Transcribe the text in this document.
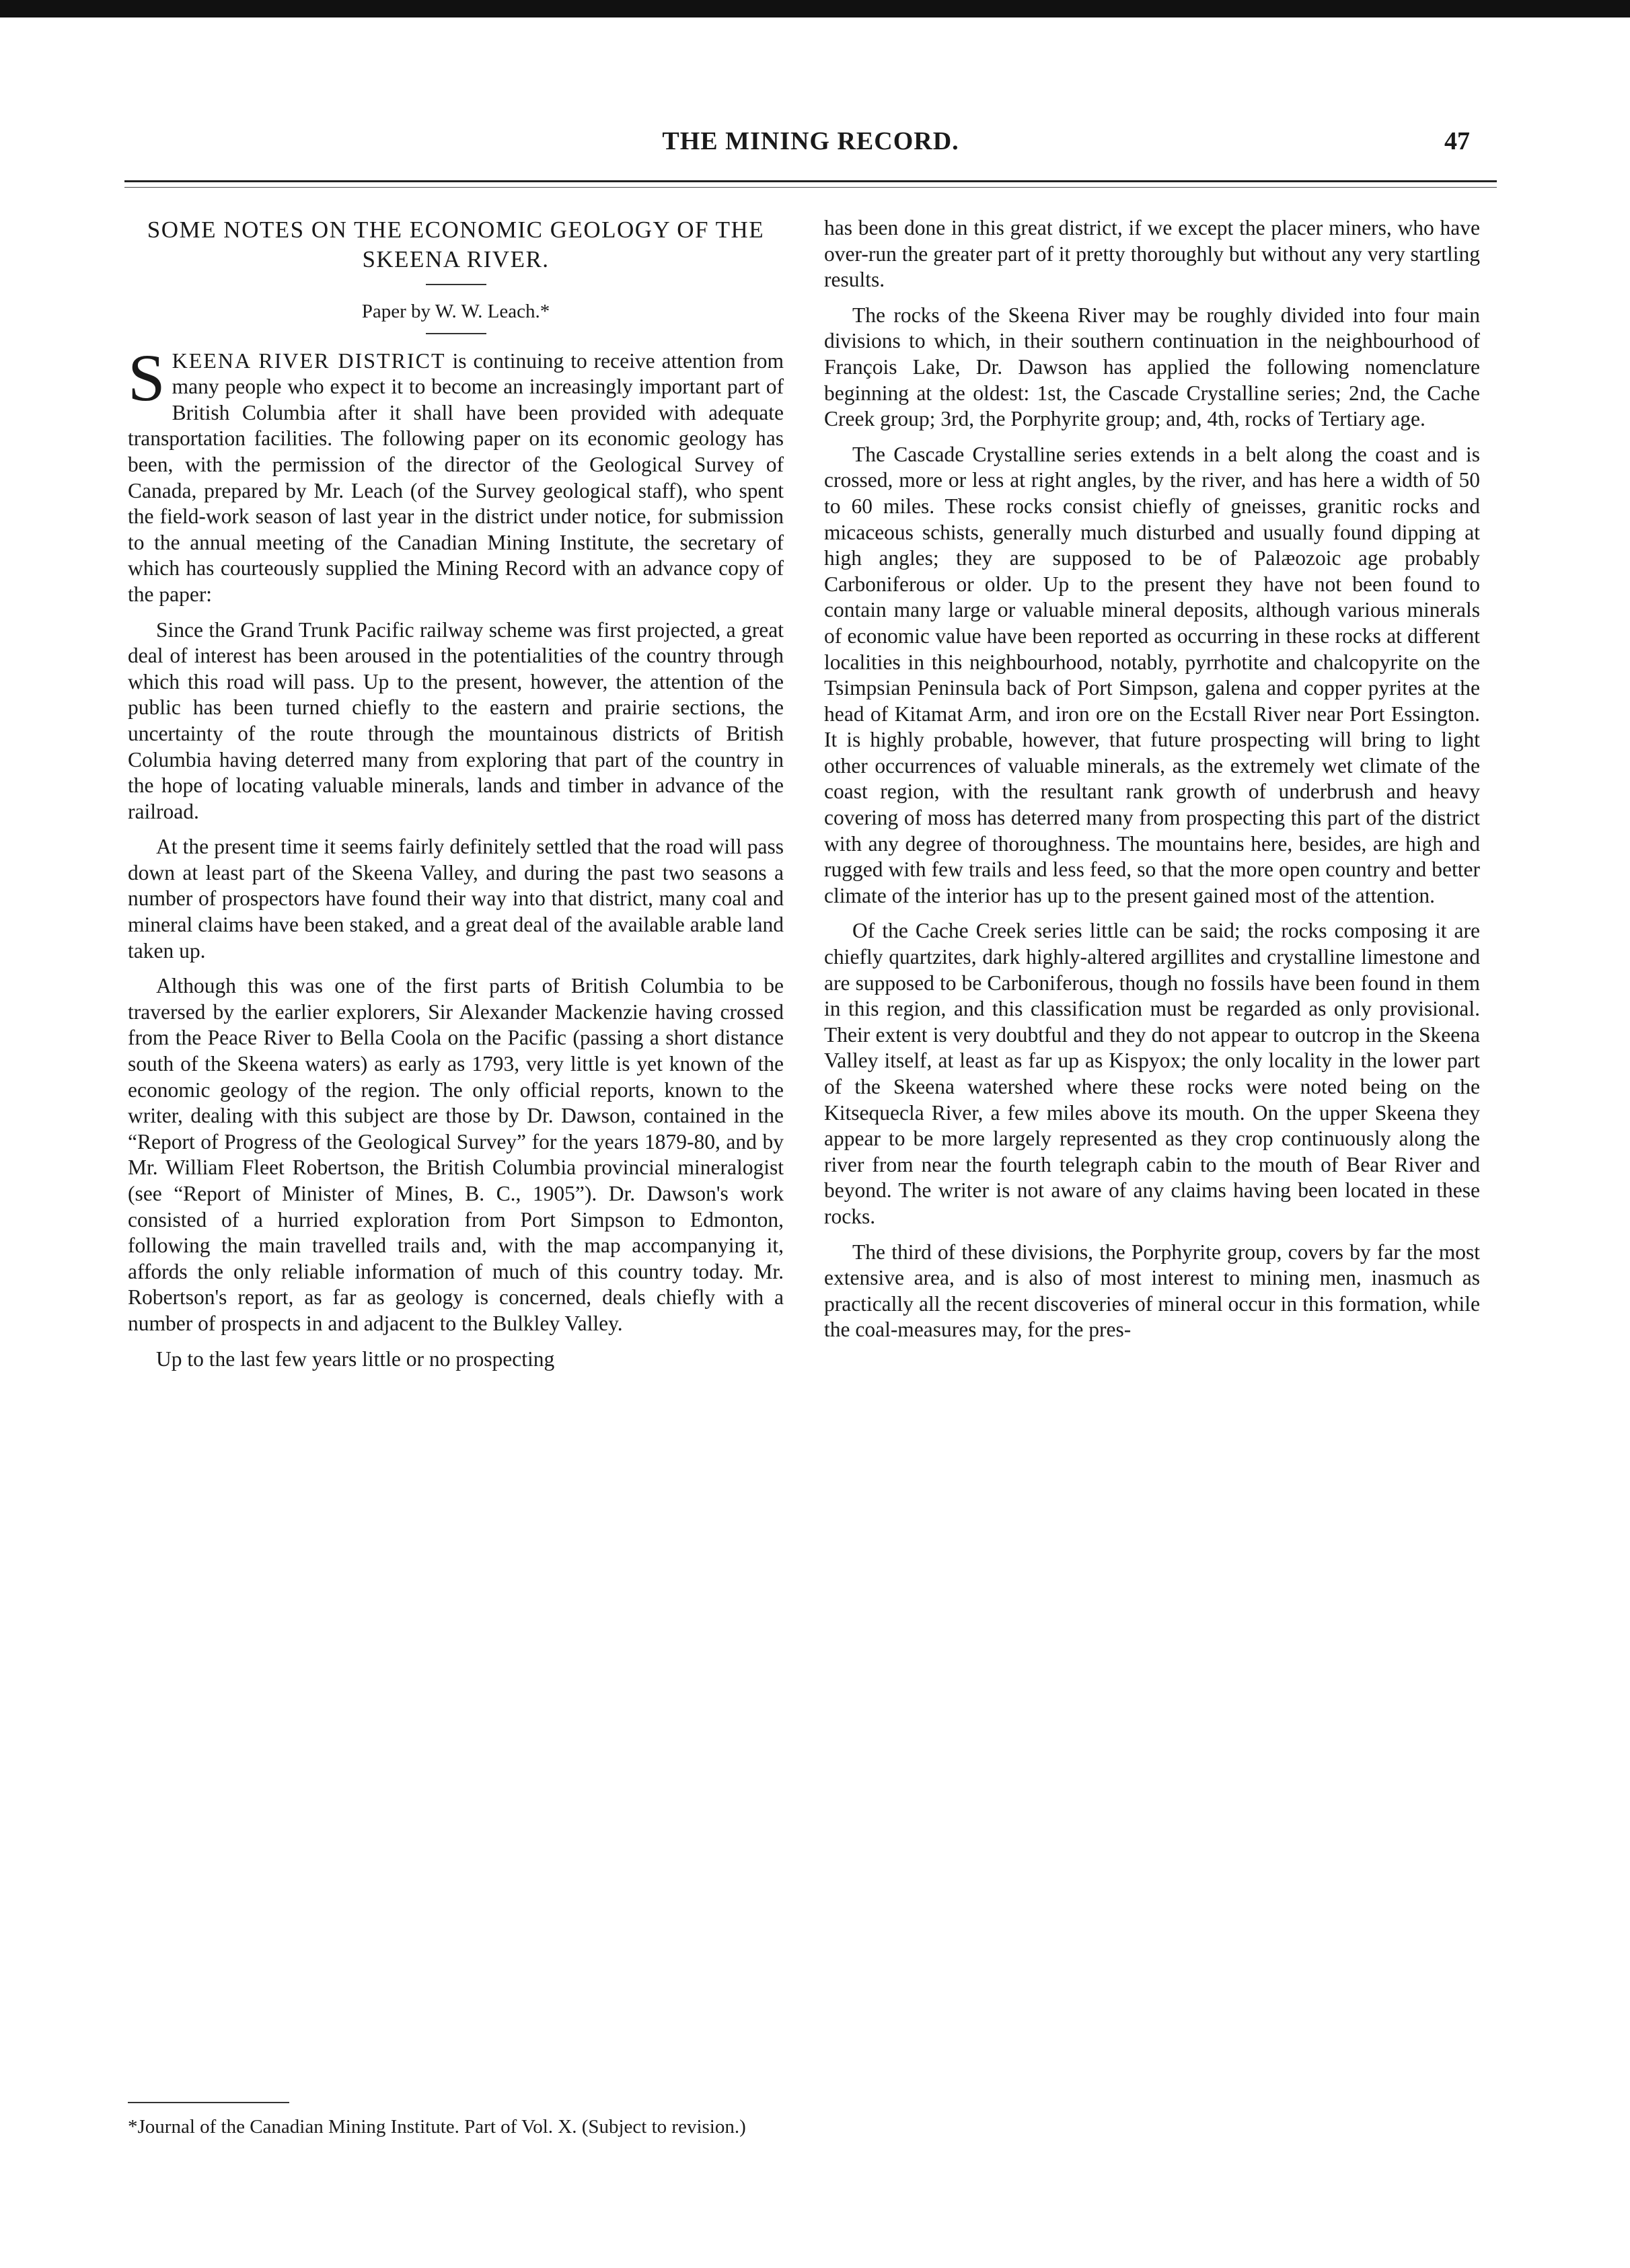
THE MINING RECORD.	47
SOME NOTES ON THE ECONOMIC GEOLOGY OF THE SKEENA RIVER.
Paper by W. W. Leach.*

SKEENA RIVER DISTRICT is continuing to receive attention from many people who expect it to become an increasingly important part of British Columbia after it shall have been provided with adequate transportation facilities. The following paper on its economic geology has been, with the permission of the director of the Geological Survey of Canada, prepared by Mr. Leach (of the Survey geological staff), who spent the field-work season of last year in the district under notice, for submission to the annual meeting of the Canadian Mining Institute, the secretary of which has courteously supplied the Mining Record with an advance copy of the paper:

Since the Grand Trunk Pacific railway scheme was first projected, a great deal of interest has been aroused in the potentialities of the country through which this road will pass. Up to the present, however, the attention of the public has been turned chiefly to the eastern and prairie sections, the uncertainty of the route through the mountainous districts of British Columbia having deterred many from exploring that part of the country in the hope of locating valuable minerals, lands and timber in advance of the railroad.

At the present time it seems fairly definitely settled that the road will pass down at least part of the Skeena Valley, and during the past two seasons a number of prospectors have found their way into that district, many coal and mineral claims have been staked, and a great deal of the available arable land taken up.

Although this was one of the first parts of British Columbia to be traversed by the earlier explorers, Sir Alexander Mackenzie having crossed from the Peace River to Bella Coola on the Pacific (passing a short distance south of the Skeena waters) as early as 1793, very little is yet known of the economic geology of the region. The only official reports, known to the writer, dealing with this subject are those by Dr. Dawson, contained in the “Report of Progress of the Geological Survey” for the years 1879-80, and by Mr. William Fleet Robertson, the British Columbia provincial mineralogist (see “Report of Minister of Mines, B. C., 1905”). Dr. Dawson's work consisted of a hurried exploration from Port Simpson to Edmonton, following the main travelled trails and, with the map accompanying it, affords the only reliable information of much of this country today. Mr. Robertson's report, as far as geology is concerned, deals chiefly with a number of prospects in and adjacent to the Bulkley Valley.

Up to the last few years little or no prospecting

*Journal of the Canadian Mining Institute. Part of Vol. X. (Subject to revision.)

has been done in this great district, if we except the placer miners, who have over-run the greater part of it pretty thoroughly but without any very startling results.

The rocks of the Skeena River may be roughly divided into four main divisions to which, in their southern continuation in the neighbourhood of François Lake, Dr. Dawson has applied the following nomenclature beginning at the oldest: 1st, the Cascade Crystalline series; 2nd, the Cache Creek group; 3rd, the Porphyrite group; and, 4th, rocks of Tertiary age.

The Cascade Crystalline series extends in a belt along the coast and is crossed, more or less at right angles, by the river, and has here a width of 50 to 60 miles. These rocks consist chiefly of gneisses, granitic rocks and micaceous schists, generally much disturbed and usually found dipping at high angles; they are supposed to be of Palæozoic age probably Carboniferous or older. Up to the present they have not been found to contain many large or valuable mineral deposits, although various minerals of economic value have been reported as occurring in these rocks at different localities in this neighbourhood, notably, pyrrhotite and chalcopyrite on the Tsimpsian Peninsula back of Port Simpson, galena and copper pyrites at the head of Kitamat Arm, and iron ore on the Ecstall River near Port Essington. It is highly probable, however, that future prospecting will bring to light other occurrences of valuable minerals, as the extremely wet climate of the coast region, with the resultant rank growth of underbrush and heavy covering of moss has deterred many from prospecting this part of the district with any degree of thoroughness. The mountains here, besides, are high and rugged with few trails and less feed, so that the more open country and better climate of the interior has up to the present gained most of the attention.

Of the Cache Creek series little can be said; the rocks composing it are chiefly quartzites, dark highly-altered argillites and crystalline limestone and are supposed to be Carboniferous, though no fossils have been found in them in this region, and this classification must be regarded as only provisional. Their extent is very doubtful and they do not appear to outcrop in the Skeena Valley itself, at least as far up as Kispyox; the only locality in the lower part of the Skeena watershed where these rocks were noted being on the Kitsequecla River, a few miles above its mouth. On the upper Skeena they appear to be more largely represented as they crop continuously along the river from near the fourth telegraph cabin to the mouth of Bear River and beyond. The writer is not aware of any claims having been located in these rocks.

The third of these divisions, the Porphyrite group, covers by far the most extensive area, and is also of most interest to mining men, inasmuch as practically all the recent discoveries of mineral occur in this formation, while the coal-measures may, for the pres-
